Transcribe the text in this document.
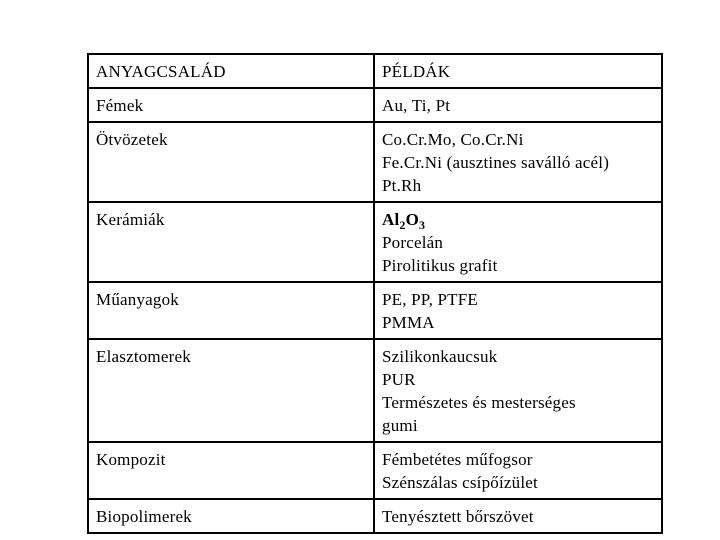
ANYAGCSALÁD	PÉLDÁK
Fémek	Au, Ti, Pt

Ötvözetek	Co.Cr.Mo, Co.Cr.Ni
Fe.Cr.Ni (ausztines saválló acél)
Pt.Rh

Kerámiák	$Al_2O_3$
Porcelán
Pirolitikus grafit

Műanyagok	PE, PP, PTFE
PMMA

Elasztomerek	Szilikonkaucsuk
PUR
Természetes és mesterséges
gumi

Kompozit	Fémbetétes műfogsor
Szénszálas csípőízület

Biopolimerek	Tenyésztett bőrszövet
